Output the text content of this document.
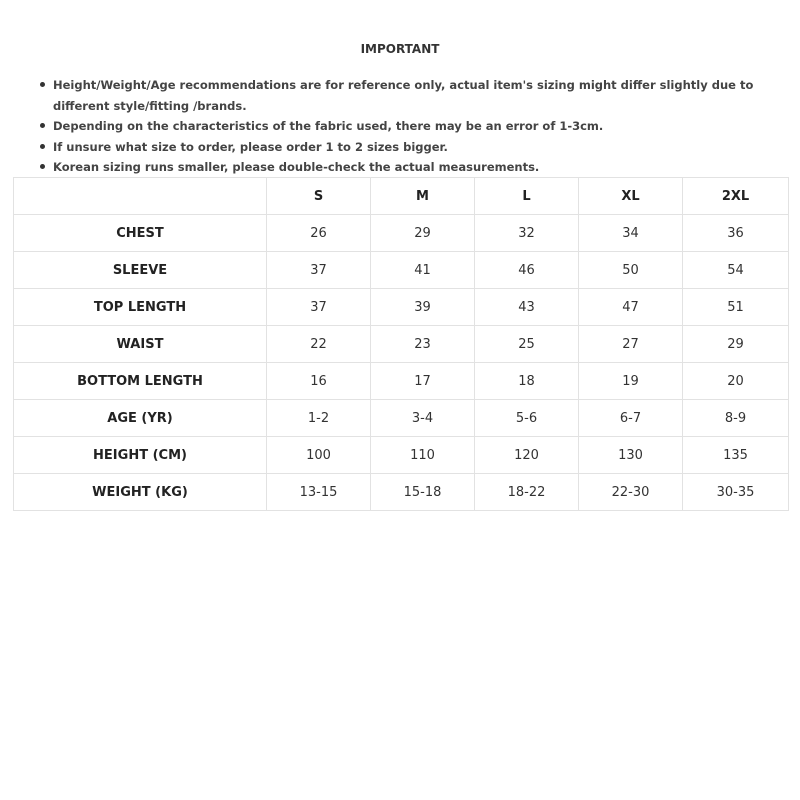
IMPORTANT
Height/Weight/Age recommendations are for reference only, actual item's sizing might differ slightly due to different style/fitting /brands.
Depending on the characteristics of the fabric used, there may be an error of 1-3cm.
If unsure what size to order, please order 1 to 2 sizes bigger.
Korean sizing runs smaller, please double-check the actual measurements.
	S	M	L	XL	2XL
CHEST	26	29	32	34	36
SLEEVE	37	41	46	50	54
TOP LENGTH	37	39	43	47	51
WAIST	22	23	25	27	29
BOTTOM LENGTH	16	17	18	19	20
AGE (YR)	1-2	3-4	5-6	6-7	8-9
HEIGHT (CM)	100	110	120	130	135
WEIGHT (KG)	13-15	15-18	18-22	22-30	30-35
